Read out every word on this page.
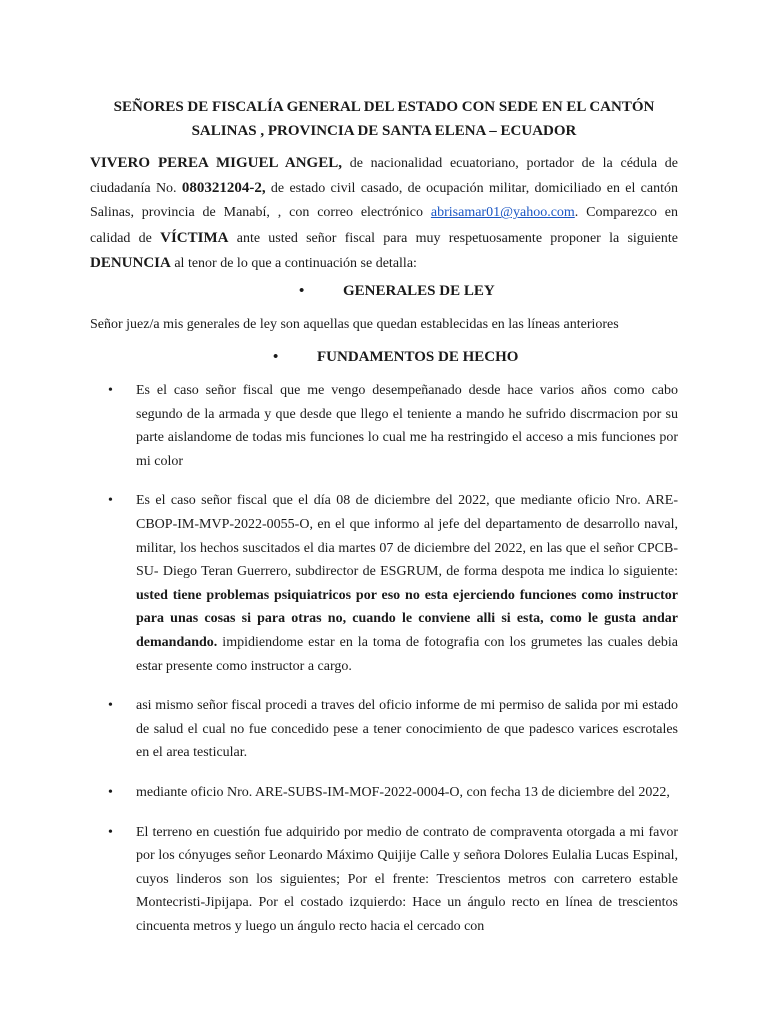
SEÑORES DE FISCALÍA GENERAL DEL ESTADO CON SEDE EN EL CANTÓN
SALINAS , PROVINCIA DE SANTA ELENA – ECUADOR
VIVERO PEREA MIGUEL ANGEL, de nacionalidad ecuatoriano, portador de la cédula de ciudadanía No. 080321204-2, de estado civil casado, de ocupación militar, domiciliado en el cantón Salinas, provincia de Manabí, , con correo electrónico abrisamar01@yahoo.com. Comparezco en calidad de VÍCTIMA ante usted señor fiscal para muy respetuosamente proponer la siguiente DENUNCIA al tenor de lo que a continuación se detalla:
•	GENERALES DE LEY
Señor juez/a mis generales de ley son aquellas que quedan establecidas en las líneas anteriores
•	FUNDAMENTOS DE HECHO
•	Es el caso señor fiscal que me vengo desempeñanado desde hace varios años como cabo segundo de la armada y que desde que llego el teniente a mando he sufrido discrmacion por su parte aislandome de todas mis funciones lo cual me ha restringido el acceso a mis funciones por mi color
•	Es el caso señor fiscal que el día 08 de diciembre del 2022, que mediante oficio Nro. ARE-CBOP-IM-MVP-2022-0055-O, en el que informo al jefe del departamento de desarrollo naval, militar, los hechos suscitados el dia martes 07 de diciembre del 2022, en las que el señor CPCB-SU- Diego Teran Guerrero, subdirector de ESGRUM, de forma despota me indica lo siguiente: usted tiene problemas psiquiatricos por eso no esta ejerciendo funciones como instructor para unas cosas si para otras no, cuando le conviene alli si esta, como le gusta andar demandando. impidiendome estar en la toma de fotografia con los grumetes las cuales debia estar presente como instructor a cargo.
•	asi mismo señor fiscal procedi a traves del oficio informe de mi permiso de salida por mi estado de salud el cual no fue concedido pese a tener conocimiento de que padesco varices escrotales en el area testicular.
•	mediante oficio Nro. ARE-SUBS-IM-MOF-2022-0004-O, con fecha 13 de diciembre del 2022,
•	El terreno en cuestión fue adquirido por medio de contrato de compraventa otorgada a mi favor por los cónyuges señor Leonardo Máximo Quijije Calle y señora Dolores Eulalia Lucas Espinal, cuyos linderos son los siguientes; Por el frente: Trescientos metros con carretero estable Montecristi-Jipijapa. Por el costado izquierdo: Hace un ángulo recto en línea de trescientos cincuenta metros y luego un ángulo recto hacia el cercado con
